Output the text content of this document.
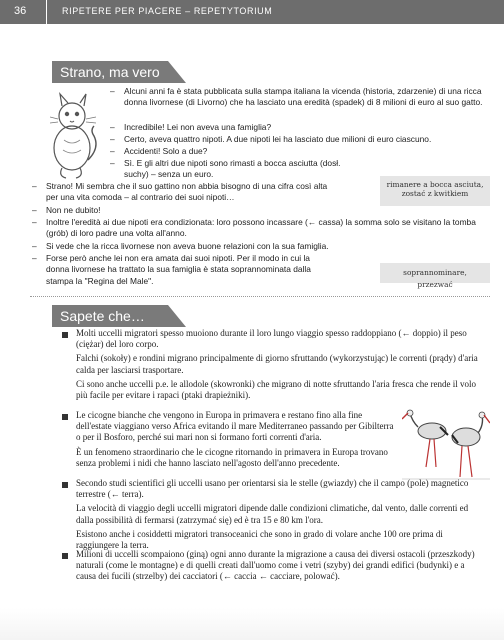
36	RIPETERE PER PIACERE – REPETYTORIUM
Strano, ma vero
– Alcuni anni fa è stata pubblicata sulla stampa italiana la vicenda (historia, zdarzenie) di una ricca donna livornese (di Livorno) che ha lasciato una eredità (spadek) di 8 milioni di euro al suo gatto.
– Incredibile! Lei non aveva una famiglia?
– Certo, aveva quattro nipoti. A due nipoti lei ha lasciato due milioni di euro ciascuno.
– Accidenti! Solo a due?
– Sì. E gli altri due nipoti sono rimasti a bocca asciutta (dosł. suchy) – senza un euro.
– Strano! Mi sembra che il suo gattino non abbia bisogno di una cifra così alta per una vita comoda – al contrario dei suoi nipoti…
– Non ne dubito!
– Inoltre l'eredità ai due nipoti era condizionata: loro possono incassare (← cassa) la somma solo se visitano la tomba (grób) di loro padre una volta all'anno.
– Si vede che la ricca livornese non aveva buone relazioni con la sua famiglia.
– Forse però anche lei non era amata dai suoi nipoti. Per il modo in cui la donna livornese ha trattato la sua famiglia è stata soprannominata dalla stampa la "Regina del Male".
rimanere a bocca asciuta, zostać z kwitkiem
soprannominare, przezwać
Sapete che…

Molti uccelli migratori spesso muoiono durante il loro lungo viaggio spesso raddoppiano (← doppio) il peso (ciężar) del loro corpo.

Falchi (sokoły) e rondini migrano principalmente di giorno sfruttando (wykorzystując) le correnti (prądy) d'aria calda per lasciarsi trasportare.

Ci sono anche uccelli p.e. le allodole (skowronki) che migrano di notte sfruttando l'aria fresca che rende il volo più facile per evitare i rapaci (ptaki drapieżniki).

Le cicogne bianche che vengono in Europa in primavera e restano fino alla fine dell'estate viaggiano verso Africa evitando il mare Mediterraneo passando per Gibilterra o per il Bosforo, perché sui mari non si formano forti correnti d'aria.

È un fenomeno straordinario che le cicogne ritornando in primavera in Europa trovano senza problemi i nidi che hanno lasciato nell'agosto dell'anno precedente.

Secondo studi scientifici gli uccelli usano per orientarsi sia le stelle (gwiazdy) che il campo (pole) magnetico terrestre (← terra).

La velocità di viaggio degli uccelli migratori dipende dalle condizioni climatiche, dal vento, dalle correnti ed dalla possibilità di fermarsi (zatrzymać się) ed è tra 15 e 80 km l'ora.

Esistono anche i cosiddetti migratori transoceanici che sono in grado di volare anche 100 ore prima di raggiungere la terra.

Milioni di uccelli scompaiono (giną) ogni anno durante la migrazione a causa dei diversi ostacoli (przeszkody) naturali (come le montagne) e di quelli creati dall'uomo come i vetri (szyby) dei grandi edifici (budynki) e a causa dei fucili (strzelby) dei cacciatori (← caccia ← cacciare, polować).
